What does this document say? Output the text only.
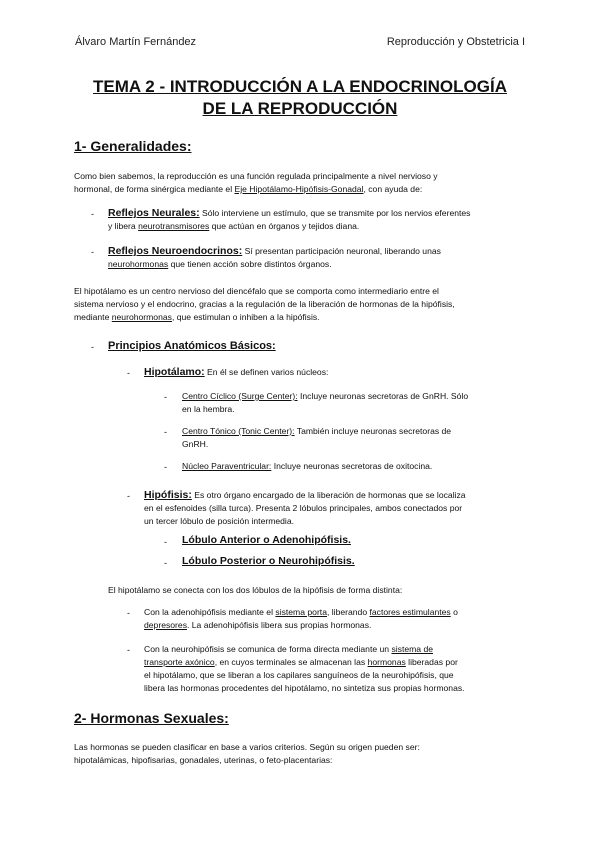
Álvaro Martín Fernández	Reproducción y Obstetricia I
TEMA 2 - INTRODUCCIÓN A LA ENDOCRINOLOGÍA
DE LA REPRODUCCIÓN
1- Generalidades:
Como bien sabemos, la reproducción es una función regulada principalmente a nivel nervioso y
hormonal, de forma sinérgica mediante el Eje Hipotálamo-Hipófisis-Gonadal, con ayuda de:
- Reflejos Neurales: Sólo interviene un estímulo, que se transmite por los nervios eferentes
y libera neurotransmisores que actúan en órganos y tejidos diana.
- Reflejos Neuroendocrinos: Sí presentan participación neuronal, liberando unas
neurohormonas que tienen acción sobre distintos órganos.
El hipotálamo es un centro nervioso del diencéfalo que se comporta como intermediario entre el
sistema nervioso y el endocrino, gracias a la regulación de la liberación de hormonas de la hipófisis,
mediante neurohormonas, que estimulan o inhiben a la hipófisis.
- Principios Anatómicos Básicos:
- Hipotálamo: En él se definen varios núcleos:
- Centro Cíclico (Surge Center): Incluye neuronas secretoras de GnRH. Sólo
en la hembra.
- Centro Tónico (Tonic Center): También incluye neuronas secretoras de
GnRH.
- Núcleo Paraventricular: Incluye neuronas secretoras de oxitocina.
- Hipófisis: Es otro órgano encargado de la liberación de hormonas que se localiza
en el esfenoides (silla turca). Presenta 2 lóbulos principales, ambos conectados por
un tercer lóbulo de posición intermedia.
- Lóbulo Anterior o Adenohipófisis.
- Lóbulo Posterior o Neurohipófisis.
El hipotálamo se conecta con los dos lóbulos de la hipófisis de forma distinta:
- Con la adenohipófisis mediante el sistema porta, liberando factores estimulantes o
depresores. La adenohipófisis libera sus propias hormonas.
- Con la neurohipófisis se comunica de forma directa mediante un sistema de
transporte axónico, en cuyos terminales se almacenan las hormonas liberadas por
el hipotálamo, que se liberan a los capilares sanguíneos de la neurohipófisis, que
libera las hormonas procedentes del hipotálamo, no sintetiza sus propias hormonas.
2- Hormonas Sexuales:
Las hormonas se pueden clasificar en base a varios criterios. Según su origen pueden ser:
hipotalámicas, hipofisarias, gonadales, uterinas, o feto-placentarias:
